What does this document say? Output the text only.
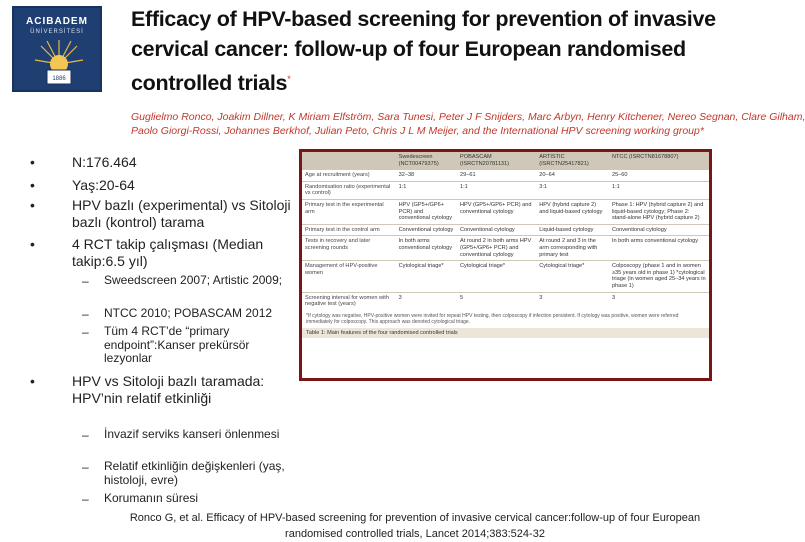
ACIBADEM
ÜNİVERSİTESİ
1886
Efficacy of HPV-based screening for prevention of invasive cervical cancer: follow-up of four European randomised controlled trials*
Guglielmo Ronco, Joakim Dillner, K Miriam Elfström, Sara Tunesi, Peter J F Snijders, Marc Arbyn, Henry Kitchener, Nereo Segnan, Clare Gilham,
Paolo Giorgi-Rossi, Johannes Berkhof, Julian Peto, Chris J L M Meijer, and the International HPV screening working group*
•	N:176.464
•	Yaş:20-64
•	HPV bazlı (experimental) vs Sitoloji bazlı (kontrol) tarama
•	4 RCT takip çalışması (Median takip:6.5 yıl)
– Sweedscreen 2007; Artistic 2009;
– NTCC 2010; POBASCAM 2012
– Tüm 4 RCT’de “primary endpoint”:Kanser prekürsör lezyonlar
•	HPV vs Sitoloji bazlı taramada: HPV’nin relatif etkinliği
– İnvazif serviks kanseri önlenmesi
– Relatif etkinliğin değişkenleri (yaş, histoloji, evre)
– Korumanın süresi
	Swedescreen (NCT00479375)	POBASCAM (ISRCTN20781131)	ARTISTIC (ISRCTN25417821)	NTCC (ISRCTN81678807)
Age at recruitment (years)	32–38	29–61	20–64	25–60
Randomisation ratio (experimental vs control)	1:1	1:1	3:1	1:1
Primary test in the experimental arm	HPV (GP5+/GP6+ PCR) and conventional cytology	HPV (GP5+/GP6+ PCR) and conventional cytology	HPV (hybrid capture 2) and liquid-based cytology	Phase 1: HPV (hybrid capture 2) and liquid-based cytology; Phase 2: stand-alone HPV (hybrid capture 2)
Primary test in the control arm	Conventional cytology	Conventional cytology	Liquid-based cytology	Conventional cytology
Tests in recovery and later screening rounds	In both arms conventional cytology	At round 2 in both arms HPV (GP5+/GP6+ PCR) and conventional cytology	At round 2 and 3 in the arm corresponding with primary test	In both arms conventional cytology
Management of HPV-positive women	Cytological triage*	Cytological triage*	Cytological triage*	Colposcopy (phase 1 and in women ≥35 years old in phase 1) *cytological triage (in women aged 25–34 years in phase 1)
Screening interval for women with negative test (years)	3	5	3	3
*If cytology was negative, HPV-positive women were invited for repeat HPV testing, then colposcopy if infection persistent. If cytology was positive, women were referred immediately for colposcopy. This approach was denoted cytological triage.
Table 1: Main features of the four randomised controlled trials
Ronco G, et al. Efficacy of HPV-based screening for prevention of invasive cervical cancer:follow-up of four European randomised controlled trials, Lancet 2014;383:524-32
